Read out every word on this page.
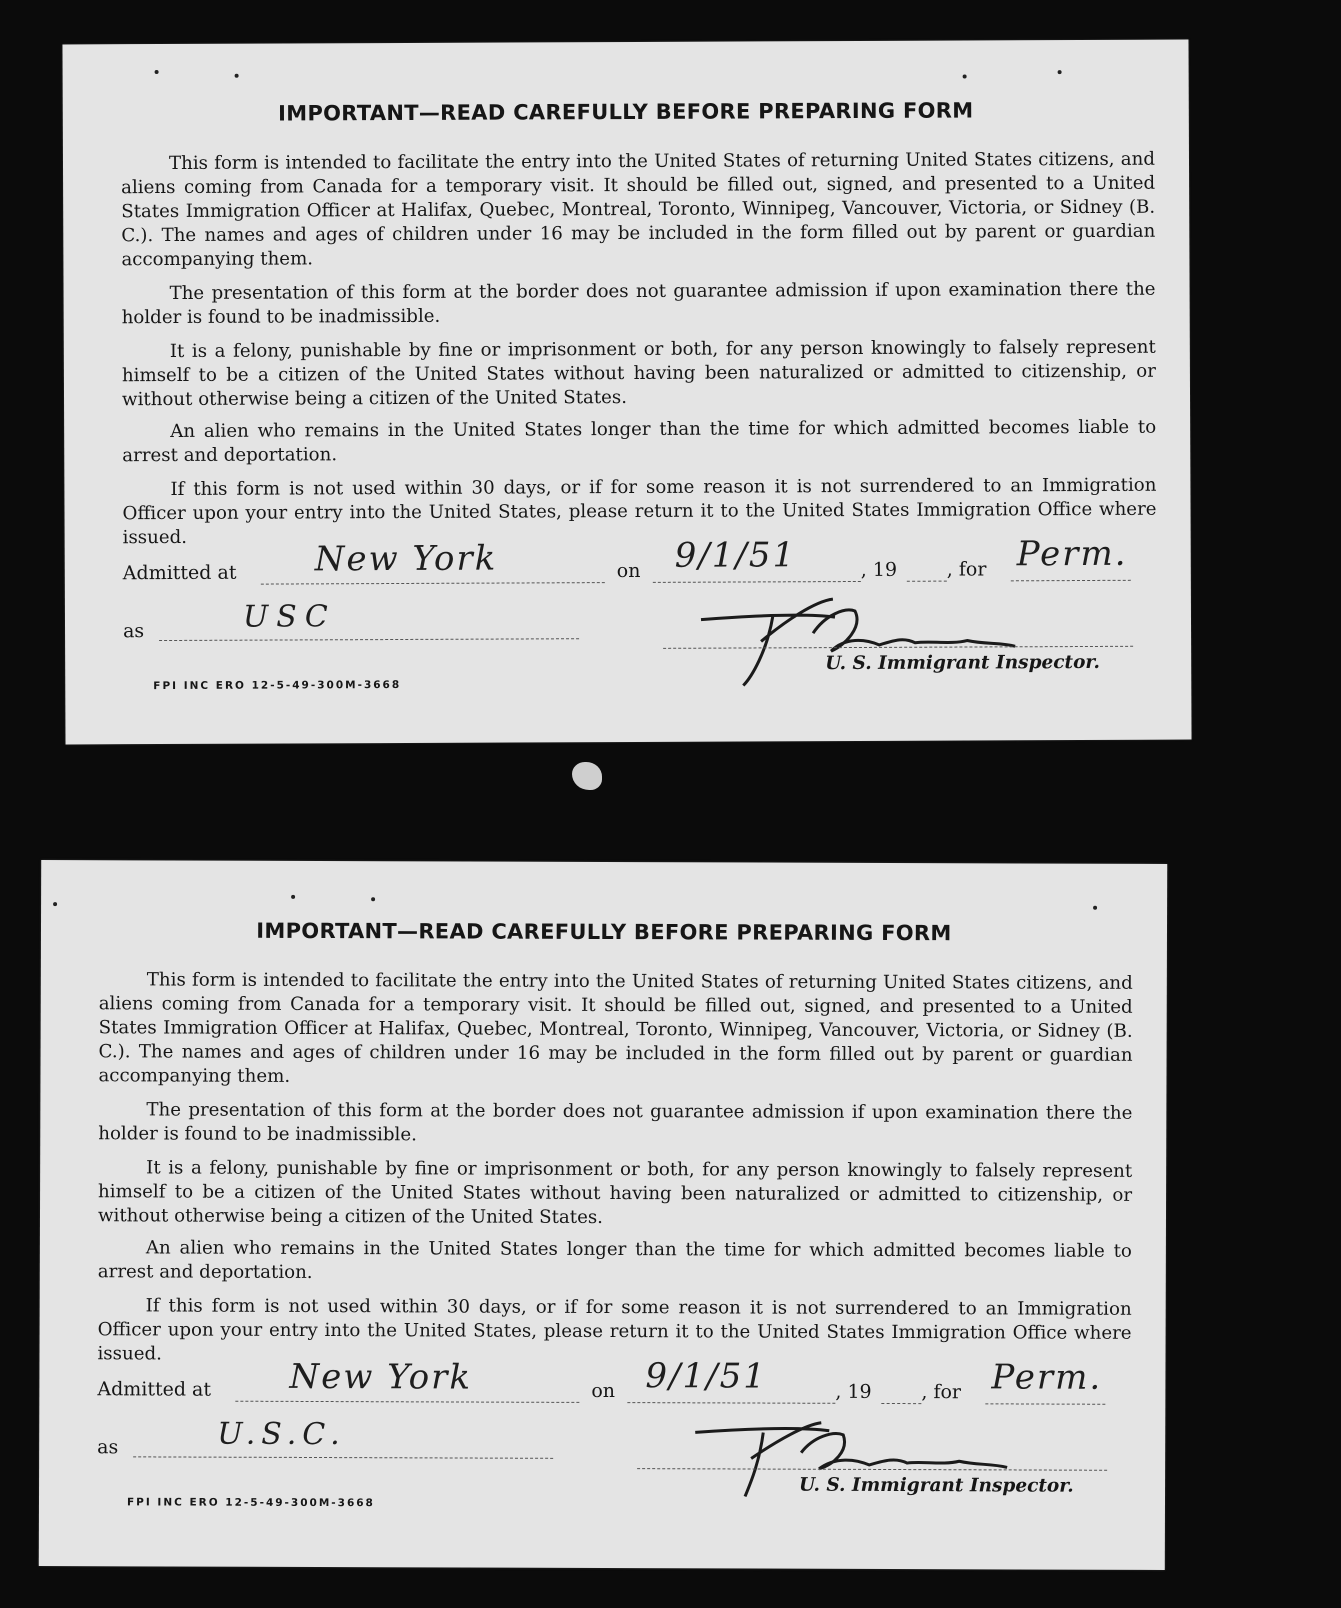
IMPORTANT—READ CAREFULLY BEFORE PREPARING FORM

This form is intended to facilitate the entry into the United States of returning United States citizens, and aliens coming from Canada for a temporary visit. It should be filled out, signed, and presented to a United States Immigration Officer at Halifax, Quebec, Montreal, Toronto, Winnipeg, Vancouver, Victoria, or Sidney (B. C.). The names and ages of children under 16 may be included in the form filled out by parent or guardian accompanying them.

The presentation of this form at the border does not guarantee admission if upon examination there the holder is found to be inadmissible.

It is a felony, punishable by fine or imprisonment or both, for any person knowingly to falsely represent himself to be a citizen of the United States without having been naturalized or admitted to citizenship, or without otherwise being a citizen of the United States.

An alien who remains in the United States longer than the time for which admitted becomes liable to arrest and deportation.

If this form is not used within 30 days, or if for some reason it is not surrendered to an Immigration Officer upon your entry into the United States, please return it to the United States Immigration Office where issued.

Admitted at New York	on 9/1/51	, 19	, for Perm.
as	USC
U. S. Immigrant Inspector.
FPI INC ERO 12-5-49-300M-3668
IMPORTANT—READ CAREFULLY BEFORE PREPARING FORM

This form is intended to facilitate the entry into the United States of returning United States citizens, and aliens coming from Canada for a temporary visit. It should be filled out, signed, and presented to a United States Immigration Officer at Halifax, Quebec, Montreal, Toronto, Winnipeg, Vancouver, Victoria, or Sidney (B. C.). The names and ages of children under 16 may be included in the form filled out by parent or guardian accompanying them.

The presentation of this form at the border does not guarantee admission if upon examination there the holder is found to be inadmissible.

It is a felony, punishable by fine or imprisonment or both, for any person knowingly to falsely represent himself to be a citizen of the United States without having been naturalized or admitted to citizenship, or without otherwise being a citizen of the United States.

An alien who remains in the United States longer than the time for which admitted becomes liable to arrest and deportation.

If this form is not used within 30 days, or if for some reason it is not surrendered to an Immigration Officer upon your entry into the United States, please return it to the United States Immigration Office where issued.

Admitted at New York	on 9/1/51	, 19	, for Perm.
as	U.S.C.
U. S. Immigrant Inspector.
FPI INC ERO 12-5-49-300M-3668
